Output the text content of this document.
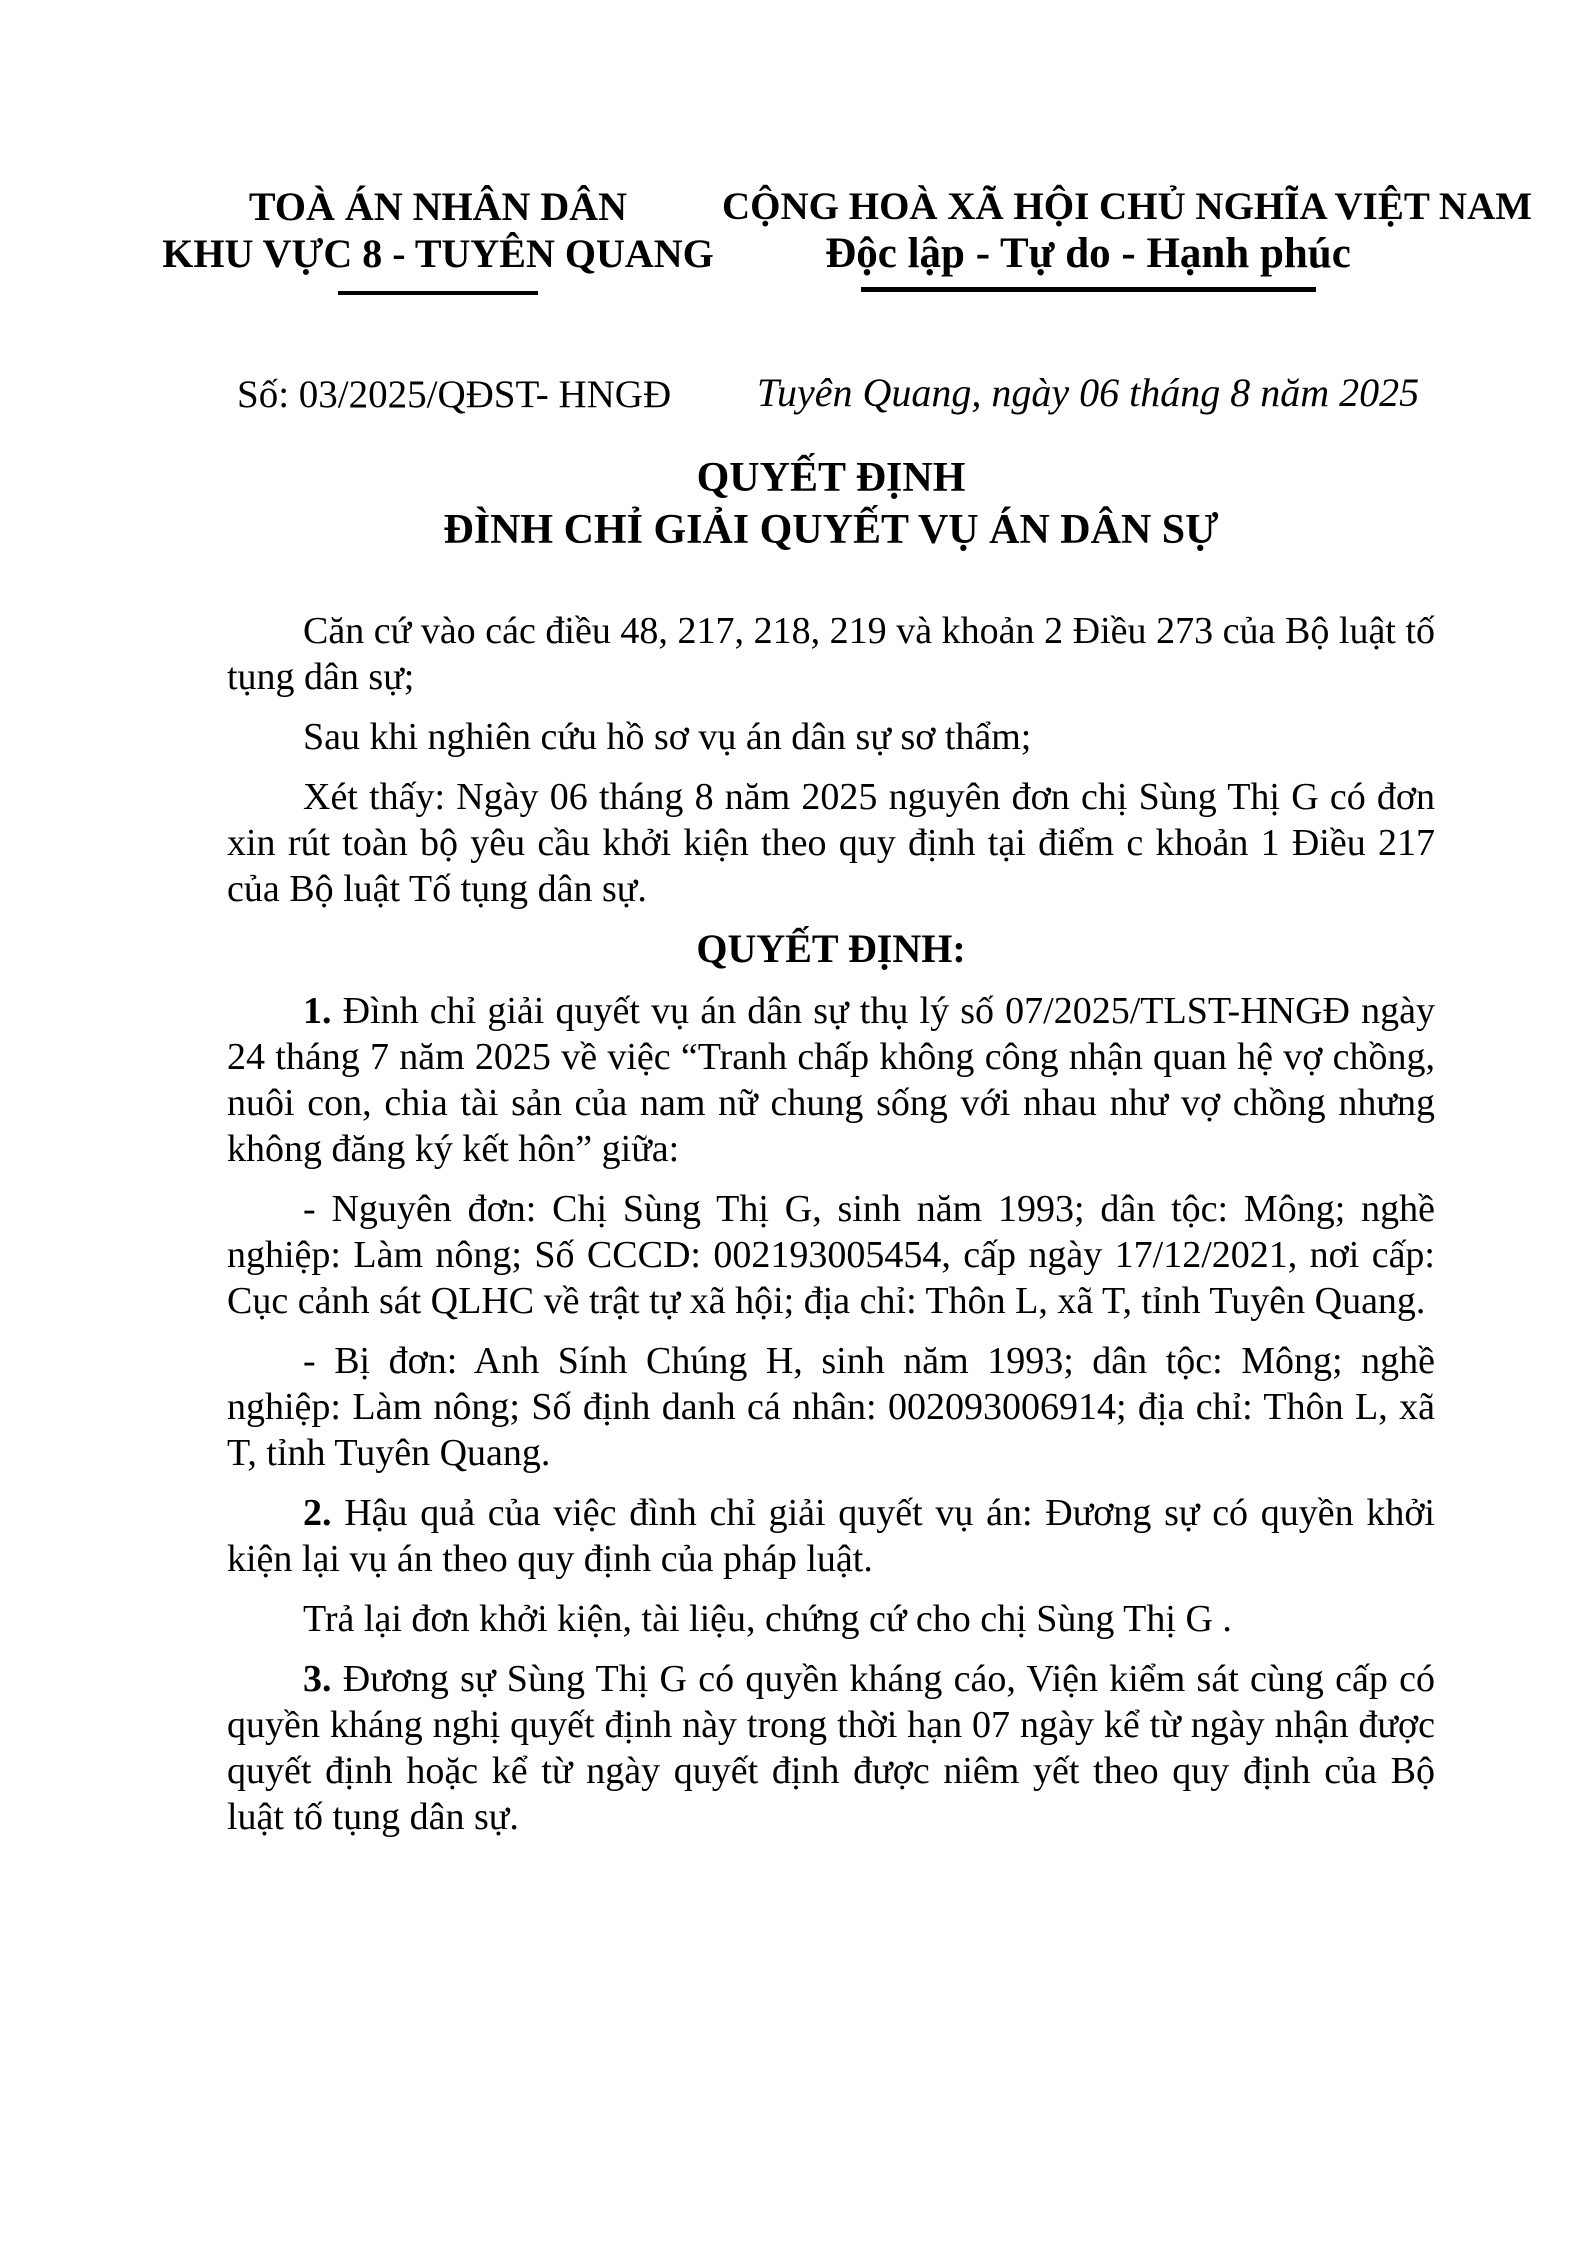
TOÀ ÁN NHÂN DÂN
KHU VỰC 8 - TUYÊN QUANG
CỘNG HOÀ XÃ HỘI CHỦ NGHĨA VIỆT NAM
Độc lập - Tự do - Hạnh phúc
Số: 03/2025/QĐST- HNGĐ	Tuyên Quang, ngày 06 tháng 8 năm 2025
QUYẾT ĐỊNH
ĐÌNH CHỈ GIẢI QUYẾT VỤ ÁN DÂN SỰ

Căn cứ vào các điều 48, 217, 218, 219 và khoản 2 Điều 273 của Bộ luật tố tụng dân sự;

Sau khi nghiên cứu hồ sơ vụ án dân sự sơ thẩm;

Xét thấy: Ngày 06 tháng 8 năm 2025 nguyên đơn chị Sùng Thị G có đơn xin rút toàn bộ yêu cầu khởi kiện theo quy định tại điểm c khoản 1 Điều 217 của Bộ luật Tố tụng dân sự.

QUYẾT ĐỊNH:

1. Đình chỉ giải quyết vụ án dân sự thụ lý số 07/2025/TLST-HNGĐ ngày 24 tháng 7 năm 2025 về việc “Tranh chấp không công nhận quan hệ vợ chồng, nuôi con, chia tài sản của nam nữ chung sống với nhau như vợ chồng nhưng không đăng ký kết hôn” giữa:

- Nguyên đơn: Chị Sùng Thị G, sinh năm 1993; dân tộc: Mông; nghề nghiệp: Làm nông; Số CCCD: 002193005454, cấp ngày 17/12/2021, nơi cấp: Cục cảnh sát QLHC về trật tự xã hội; địa chỉ: Thôn L, xã T, tỉnh Tuyên Quang.

- Bị đơn: Anh Sính Chúng H, sinh năm 1993; dân tộc: Mông; nghề nghiệp: Làm nông; Số định danh cá nhân: 002093006914; địa chỉ: Thôn L, xã T, tỉnh Tuyên Quang.

2. Hậu quả của việc đình chỉ giải quyết vụ án: Đương sự có quyền khởi kiện lại vụ án theo quy định của pháp luật.

Trả lại đơn khởi kiện, tài liệu, chứng cứ cho chị Sùng Thị G .

3. Đương sự Sùng Thị G có quyền kháng cáo, Viện kiểm sát cùng cấp có quyền kháng nghị quyết định này trong thời hạn 07 ngày kể từ ngày nhận được quyết định hoặc kể từ ngày quyết định được niêm yết theo quy định của Bộ luật tố tụng dân sự.
